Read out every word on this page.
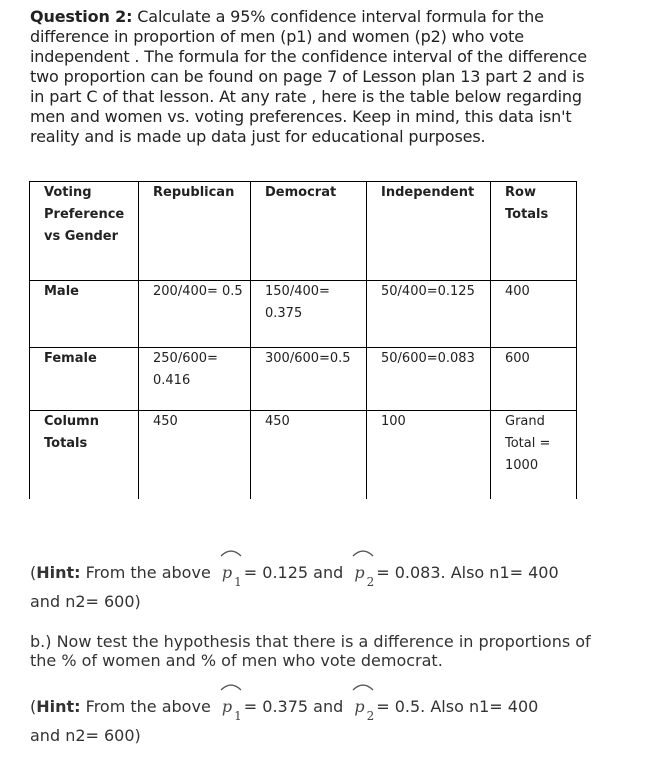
Question 2: Calculate a 95% confidence interval formula for the difference in proportion of men (p1) and women (p2) who vote independent . The formula for the confidence interval of the difference two proportion can be found on page 7 of Lesson plan 13 part 2 and is in part C of that lesson. At any rate , here is the table below regarding men and women vs. voting preferences. Keep in mind, this data isn't reality and is made up data just for educational purposes.
Voting Preference vs Gender	Republican	Democrat	Independent	Row Totals
Male	200/400= 0.5	150/400= 0.375	50/400=0.125	400
Female	250/600= 0.416	300/600=0.5	50/600=0.083	600
Column Totals	450	450	100	Grand Total = 1000
(Hint: From the above
$p_1= 0.125$ and
$p_2= 0.083$. Also n1= 400
and n2= 600)
b.) Now test the hypothesis that there is a difference in proportions of the % of women and % of men who vote democrat.
(Hint: From the above
$p_1= 0.375$ and
$p_2= 0.5$. Also n1= 400
and n2= 600)
